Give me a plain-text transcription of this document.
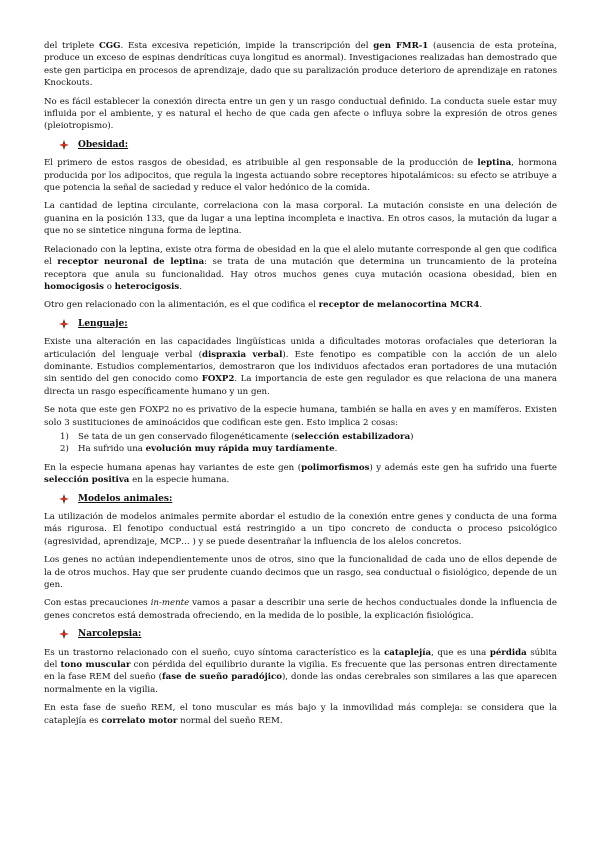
del triplete CGG. Esta excesiva repetición, impide la transcripción del gen FMR-1 (ausencia de esta proteína, produce un exceso de espinas dendríticas cuya longitud es anormal). Investigaciones realizadas han demostrado que este gen participa en procesos de aprendizaje, dado que su paralización produce deterioro de aprendizaje en ratones Knockouts.

No es fácil establecer la conexión directa entre un gen y un rasgo conductual definido. La conducta suele estar muy influida por el ambiente, y es natural el hecho de que cada gen afecte o influya sobre la expresión de otros genes (pleiotropismo).

Obesidad:

El primero de estos rasgos de obesidad, es atribuible al gen responsable de la producción de leptina, hormona producida por los adipocitos, que regula la ingesta actuando sobre receptores hipotalámicos: su efecto se atribuye a que potencia la señal de saciedad y reduce el valor hedónico de la comida.

La cantidad de leptina circulante, correlaciona con la masa corporal. La mutación consiste en una deleción de guanina en la posición 133, que da lugar a una leptina incompleta e inactiva. En otros casos, la mutación da lugar a que no se sintetice ninguna forma de leptina.

Relacionado con la leptina, existe otra forma de obesidad en la que el alelo mutante corresponde al gen que codifica el receptor neuronal de leptina: se trata de una mutación que determina un truncamiento de la proteína receptora que anula su funcionalidad. Hay otros muchos genes cuya mutación ocasiona obesidad, bien en homocigosis o heterocigosis.

Otro gen relacionado con la alimentación, es el que codifica el receptor de melanocortina MCR4.

Lenguaje:

Existe una alteración en las capacidades lingüísticas unida a dificultades motoras orofaciales que deterioran la articulación del lenguaje verbal (dispraxia verbal). Este fenotipo es compatible con la acción de un alelo dominante. Estudios complementarios, demostraron que los individuos afectados eran portadores de una mutación sin sentido del gen conocido como FOXP2. La importancia de este gen regulador es que relaciona de una manera directa un rasgo específicamente humano y un gen.

Se nota que este gen FOXP2 no es privativo de la especie humana, también se halla en aves y en mamíferos. Existen solo 3 sustituciones de aminoácidos que codifican este gen. Esto implica 2 cosas:

1) Se tata de un gen conservado filogenéticamente (selección estabilizadora)
2) Ha sufrido una evolución muy rápida muy tardíamente.

En la especie humana apenas hay variantes de este gen (polimorfismos) y además este gen ha sufrido una fuerte selección positiva en la especie humana.

Modelos animales:

La utilización de modelos animales permite abordar el estudio de la conexión entre genes y conducta de una forma más rigurosa. El fenotipo conductual está restringido a un tipo concreto de conducta o proceso psicológico (agresividad, aprendizaje, MCP… ) y se puede desentrañar la influencia de los alelos concretos.

Los genes no actúan independientemente unos de otros, sino que la funcionalidad de cada uno de ellos depende de la de otros muchos. Hay que ser prudente cuando decimos que un rasgo, sea conductual o fisiológico, depende de un gen.

Con estas precauciones in-mente vamos a pasar a describir una serie de hechos conductuales donde la influencia de genes concretos está demostrada ofreciendo, en la medida de lo posible, la explicación fisiológica.

Narcolepsia:

Es un trastorno relacionado con el sueño, cuyo síntoma característico es la cataplejía, que es una pérdida súbita del tono muscular con pérdida del equilibrio durante la vigilia. Es frecuente que las personas entren directamente en la fase REM del sueño (fase de sueño paradójico), donde las ondas cerebrales son similares a las que aparecen normalmente en la vigilia.

En esta fase de sueño REM, el tono muscular es más bajo y la inmovilidad más compleja: se considera que la cataplejía es correlato motor normal del sueño REM.
